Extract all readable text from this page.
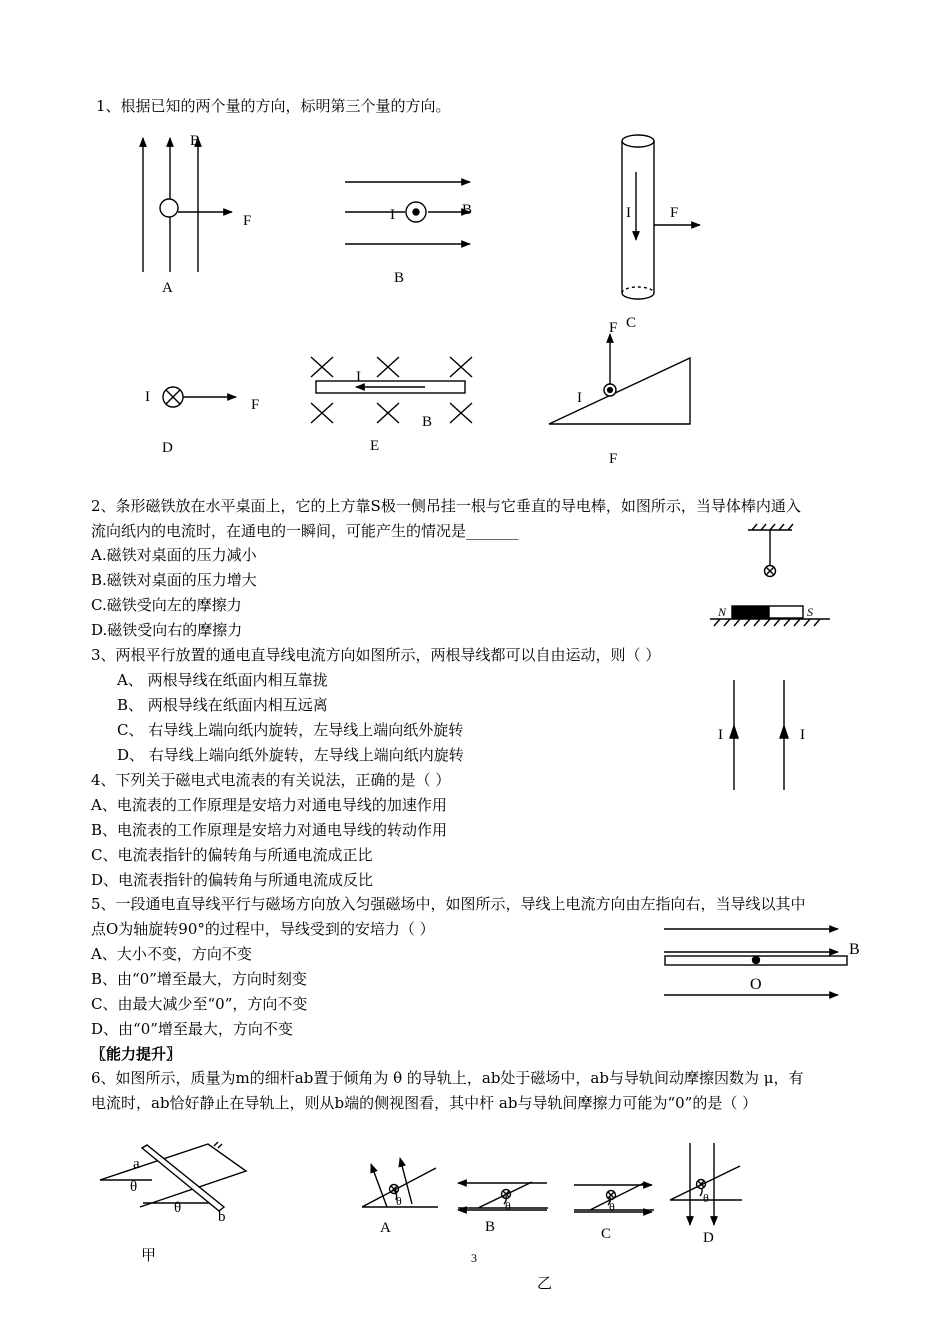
1、根据已知的两个量的方向，标明第三个量的方向。
B
F
A
I	B
B
I	F
C
I	F
D
I
B
E
F
I
F
2、条形磁铁放在水平桌面上，它的上方靠S极一侧吊挂一根与它垂直的导电棒，如图所示，当导体棒内通入
流向纸内的电流时，在通电的一瞬间，可能产生的情况是_______
A.磁铁对桌面的压力减小
B.磁铁对桌面的压力增大
C.磁铁受向左的摩擦力
D.磁铁受向右的摩擦力
N	S
3、两根平行放置的通电直导线电流方向如图所示，两根导线都可以自由运动，则（ ）
A、 两根导线在纸面内相互靠拢
B、 两根导线在纸面内相互远离
C、 右导线上端向纸内旋转，左导线上端向纸外旋转
D、 右导线上端向纸外旋转，左导线上端向纸内旋转
I	I
4、下列关于磁电式电流表的有关说法，正确的是（ ）
A、电流表的工作原理是安培力对通电导线的加速作用
B、电流表的工作原理是安培力对通电导线的转动作用
C、电流表指针的偏转角与所通电流成正比
D、电流表指针的偏转角与所通电流成反比
5、一段通电直导线平行与磁场方向放入匀强磁场中，如图所示，导线上电流方向由左指向右，当导线以其中
点O为轴旋转90°的过程中，导线受到的安培力（ ）
A、大小不变，方向不变
B、由“0”增至最大，方向时刻变
C、由最大减少至“0”，方向不变
D、由“0”增至最大，方向不变
B
O
〖能力提升〗
6、如图所示，质量为m的细杆ab置于倾角为 θ 的导轨上，ab处于磁场中，ab与导轨间动摩擦因数为 μ，有
电流时，ab恰好静止在导轨上，则从b端的侧视图看，其中杆 ab与导轨间摩擦力可能为“0”的是（ ）
a
b
θ
θ
甲
θ
A
θ
B
θ
C
θ
D
3
乙
